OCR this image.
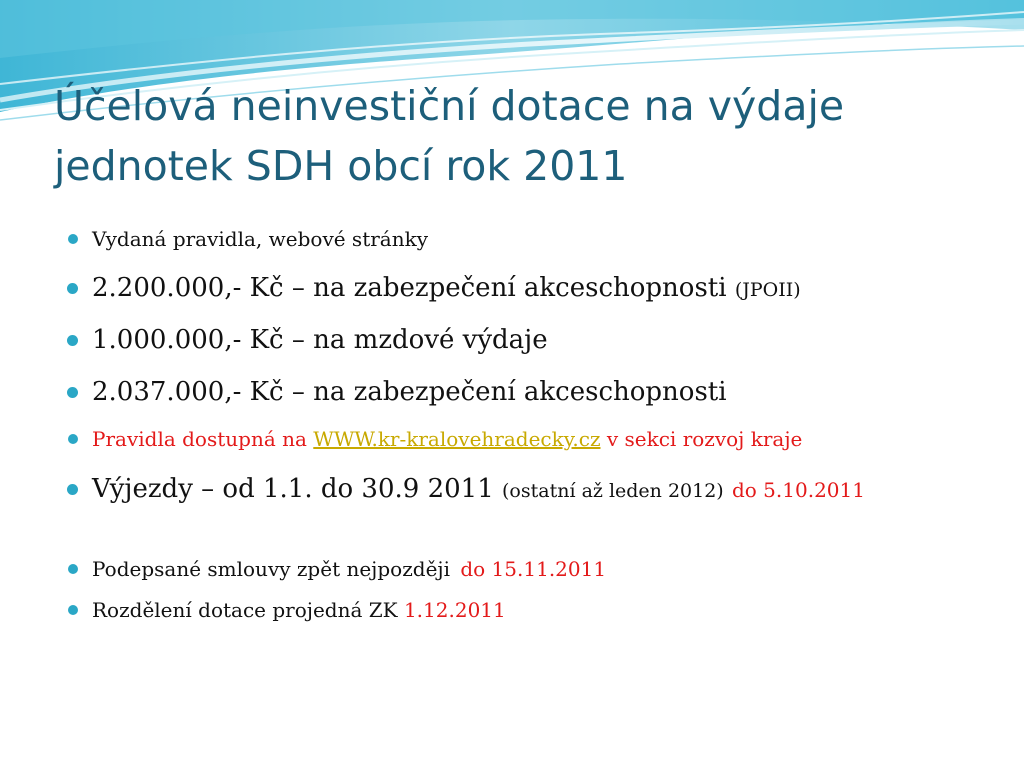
Účelová neinvestiční dotace na výdaje
jednotek SDH obcí rok 2011
Vydaná pravidla, webové stránky
2.200.000,- Kč – na zabezpečení akceschopnosti (JPOII)
1.000.000,- Kč – na mzdové výdaje
2.037.000,- Kč – na zabezpečení akceschopnosti
Pravidla dostupná na WWW.kr-kralovehradecky.cz v sekci rozvoj kraje
Výjezdy – od 1.1. do 30.9 2011 (ostatní až leden 2012) do 5.10.2011
Podepsané smlouvy zpět nejpozději do 15.11.2011
Rozdělení dotace projedná ZK 1.12.2011
